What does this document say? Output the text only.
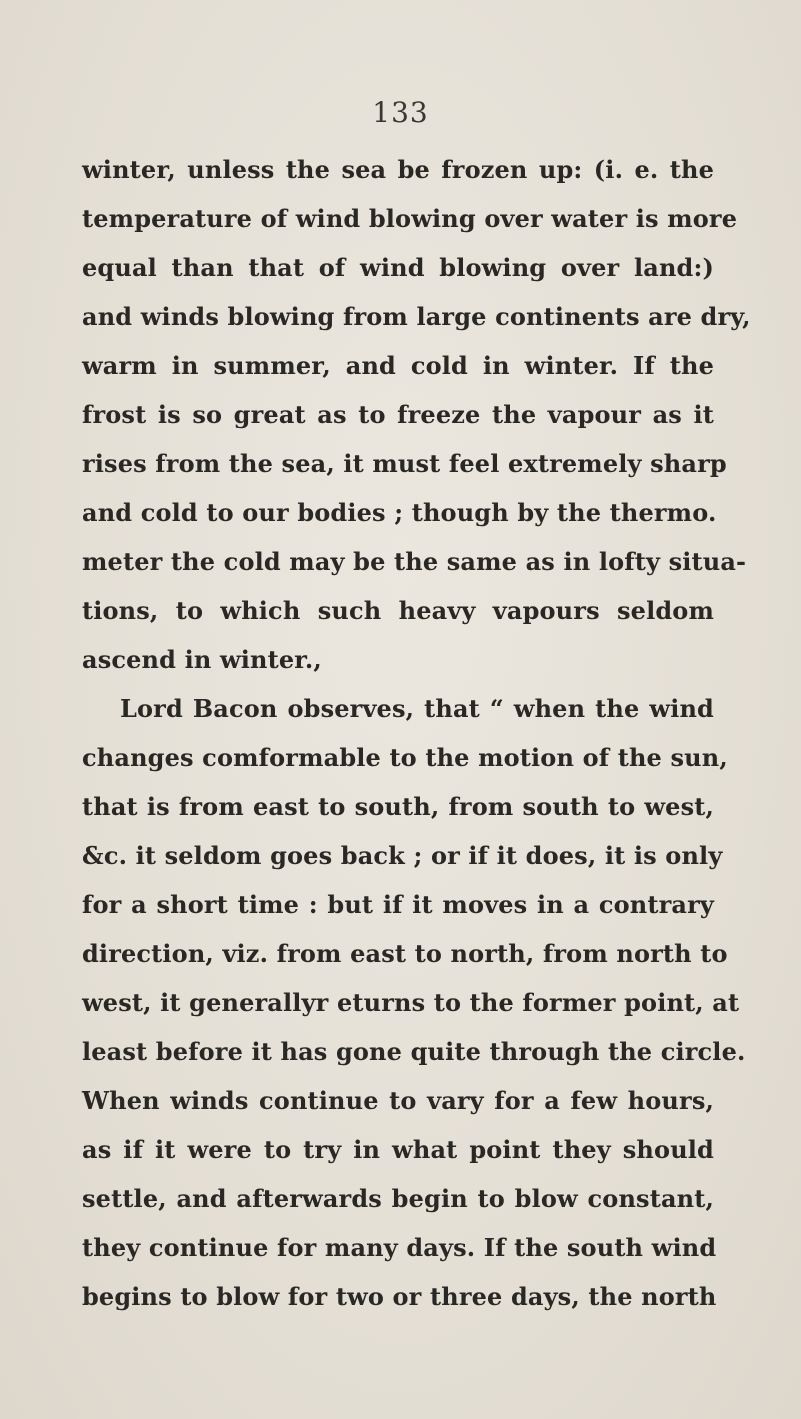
133
winter, unless the sea be frozen up: (i. e. the
temperature of wind blowing over water is more
equal than that of wind blowing over land:)
and winds blowing from large continents are dry,
warm in summer, and cold in winter. If the
frost is so great as to freeze the vapour as it
rises from the sea, it must feel extremely sharp
and cold to our bodies ; though by the thermo.
meter the cold may be the same as in lofty situa-
tions, to which such heavy vapours seldom
ascend in winter.,
Lord Bacon observes, that “ when the wind
changes comformable to the motion of the sun,
that is from east to south, from south to west,
&c. it seldom goes back ; or if it does, it is only
for a short time : but if it moves in a contrary
direction, viz. from east to north, from north to
west, it generallyr eturns to the former point, at
least before it has gone quite through the circle.
When winds continue to vary for a few hours,
as if it were to try in what point they should
settle, and afterwards begin to blow constant,
they continue for many days. If the south wind
begins to blow for two or three days, the north
